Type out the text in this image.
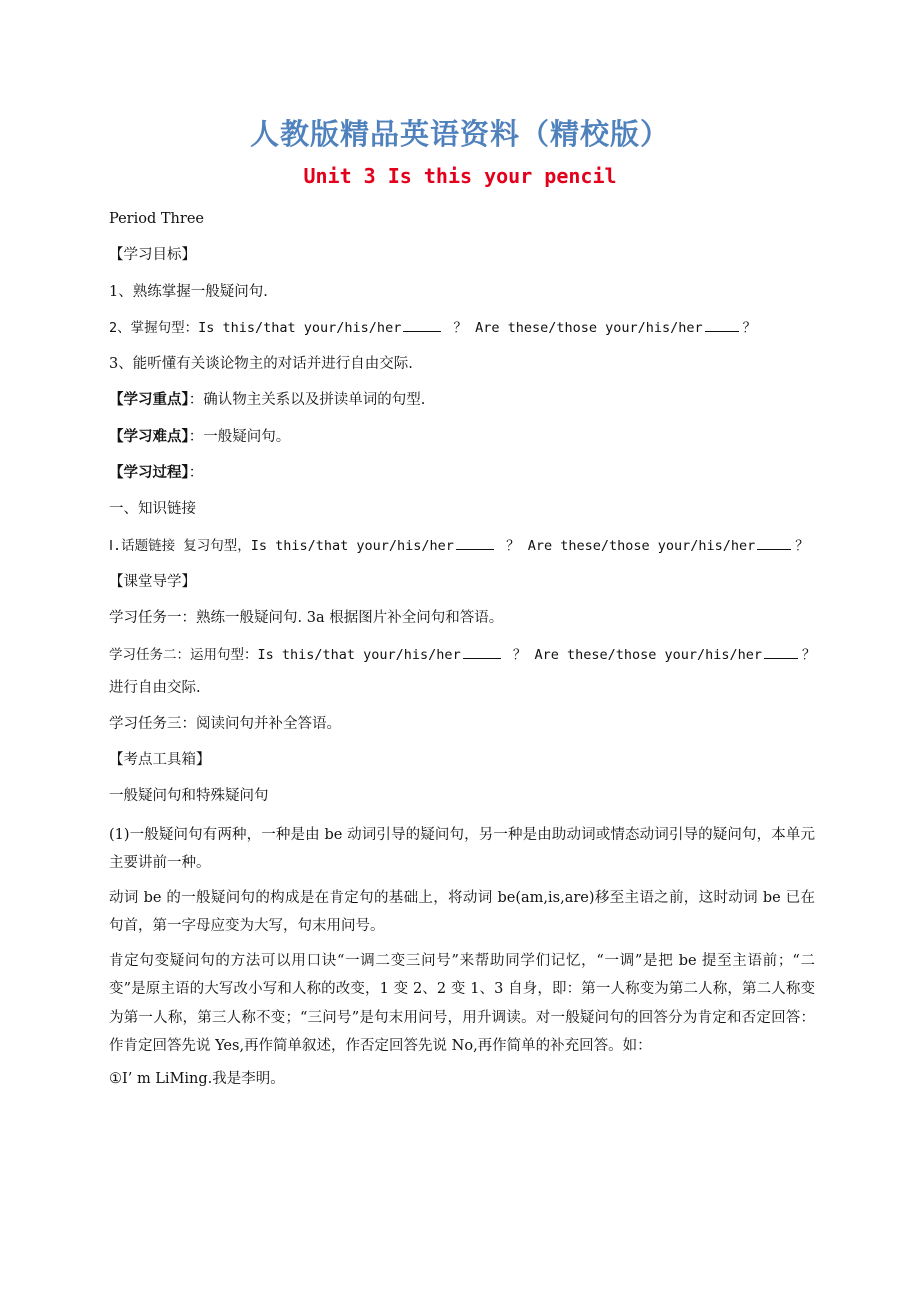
人教版精品英语资料（精校版）
Unit 3 Is this your pencil
Period Three
【学习目标】
1、熟练掌握一般疑问句.
2、掌握句型：Is this/that your/his/her	？ Are these/those your/his/her	？
3、能听懂有关谈论物主的对话并进行自由交际.
【学习重点】：确认物主关系以及拼读单词的句型.
【学习难点】：一般疑问句。
【学习过程】：
一、知识链接
Ⅰ.话题链接 复习句型，Is this/that your/his/her	？ Are these/those your/his/her	？
【课堂导学】
学习任务一：熟练一般疑问句. 3a 根据图片补全问句和答语。
学习任务二：运用句型：Is this/that your/his/her	？ Are these/those your/his/her	？
进行自由交际.
学习任务三：阅读问句并补全答语。
【考点工具箱】
一般疑问句和特殊疑问句
(1)一般疑问句有两种，一种是由 be 动词引导的疑问句，另一种是由助动词或情态动词引导的疑问句，本单元主要讲前一种。
动词 be 的一般疑问句的构成是在肯定句的基础上，将动词 be(am,is,are)移至主语之前，这时动词 be 已在句首，第一字母应变为大写，句末用问号。
肯定句变疑问句的方法可以用口诀“一调二变三问号”来帮助同学们记忆，“一调”是把 be 提至主语前；“二变”是原主语的大写改小写和人称的改变，1 变 2、2 变 1、3 自身，即：第一人称变为第二人称，第二人称变为第一人称，第三人称不变；“三问号”是句末用问号，用升调读。对一般疑问句的回答分为肯定和否定回答：作肯定回答先说 Yes,再作简单叙述，作否定回答先说 No,再作简单的补充回答。如：
①I’ m LiMing.我是李明。
